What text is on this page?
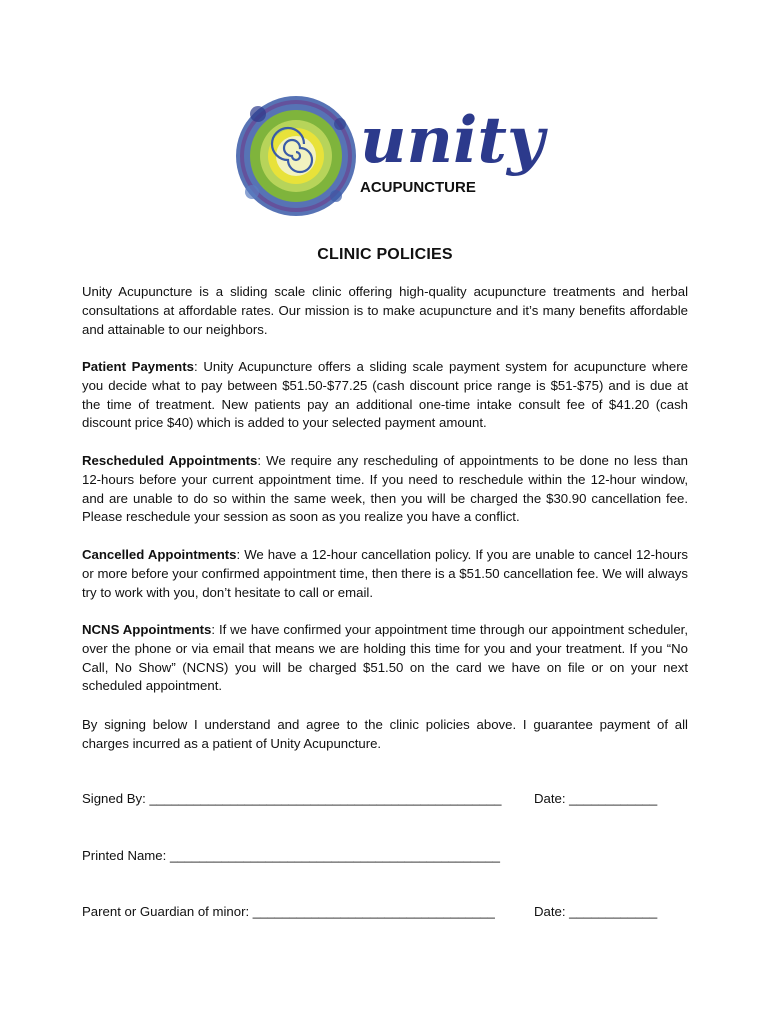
unity
ACUPUNCTURE
CLINIC POLICIES

Unity Acupuncture is a sliding scale clinic offering high-quality acupuncture treatments and herbal consultations at affordable rates. Our mission is to make acupuncture and it’s many benefits affordable and attainable to our neighbors.

Patient Payments: Unity Acupuncture offers a sliding scale payment system for acupuncture where you decide what to pay between $51.50-$77.25 (cash discount price range is $51-$75) and is due at the time of treatment. New patients pay an additional one-time intake consult fee of $41.20 (cash discount price $40) which is added to your selected payment amount.

Rescheduled Appointments: We require any rescheduling of appointments to be done no less than 12-hours before your current appointment time. If you need to reschedule within the 12-hour window, and are unable to do so within the same week, then you will be charged the $30.90 cancellation fee. Please reschedule your session as soon as you realize you have a conflict.

Cancelled Appointments: We have a 12-hour cancellation policy. If you are unable to cancel 12-hours or more before your confirmed appointment time, then there is a $51.50 cancellation fee. We will always try to work with you, don’t hesitate to call or email.

NCNS Appointments: If we have confirmed your appointment time through our appointment scheduler, over the phone or via email that means we are holding this time for you and your treatment. If you “No Call, No Show” (NCNS) you will be charged $51.50 on the card we have on file or on your next scheduled appointment.

By signing below I understand and agree to the clinic policies above. I guarantee payment of all charges incurred as a patient of Unity Acupuncture.

Signed By: ________________________________________________ Date: ____________
Printed Name: _____________________________________________
Parent or Guardian of minor: _________________________________	Date: ____________
